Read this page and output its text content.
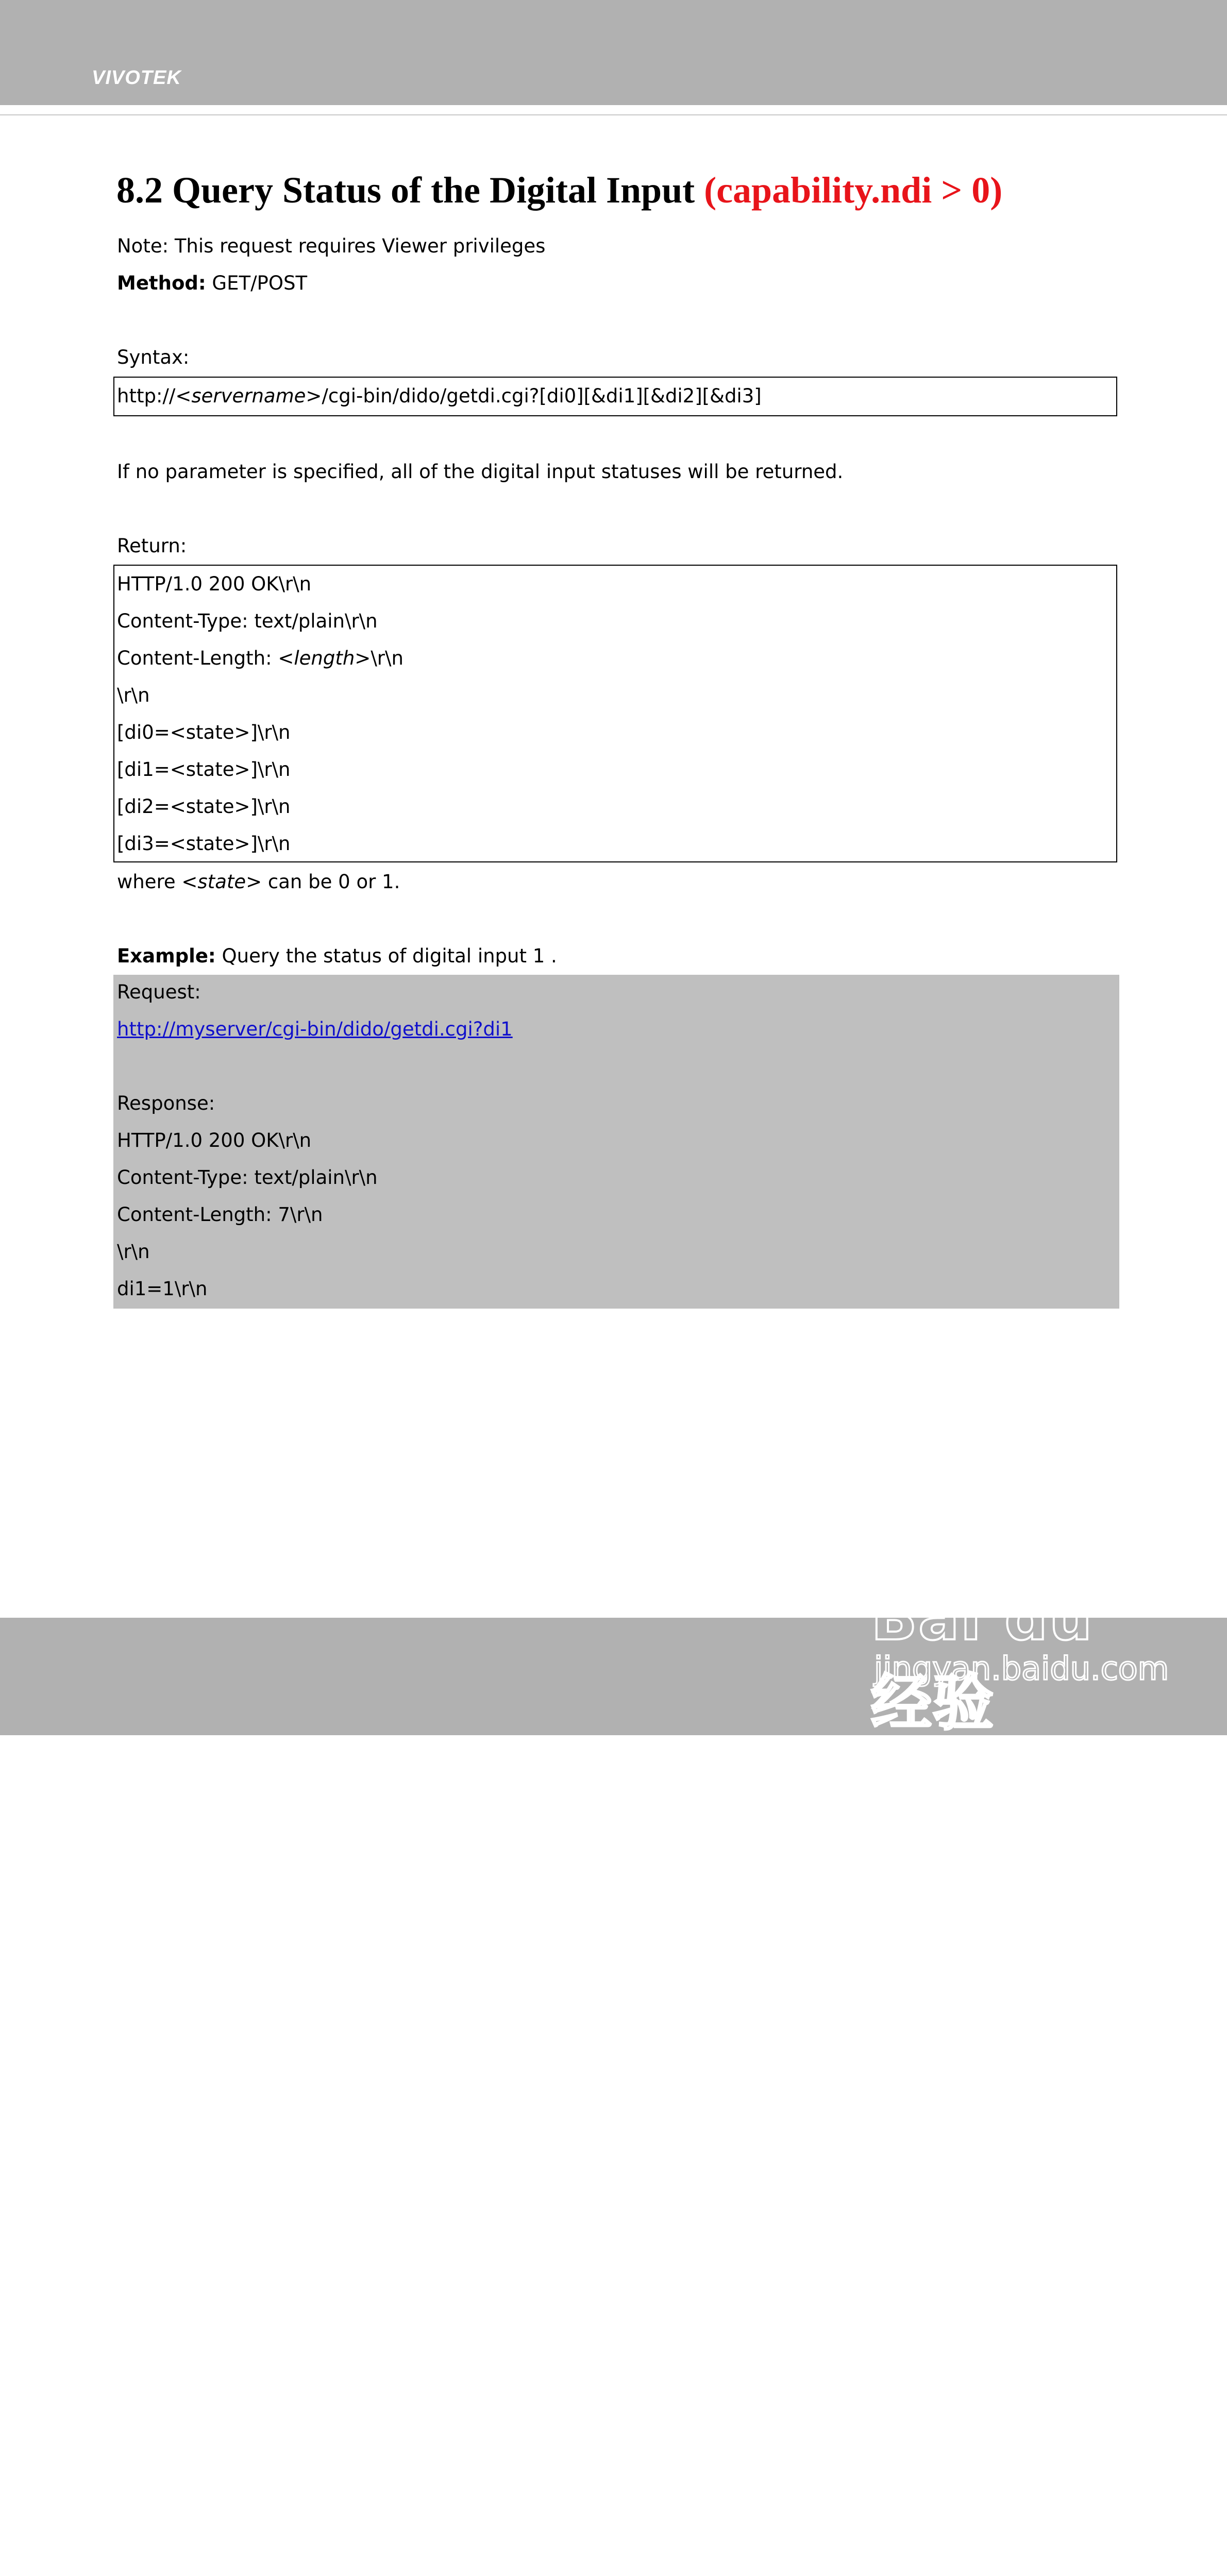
VIVOTEK
8.2 Query Status of the Digital Input (capability.ndi > 0)
Note: This request requires Viewer privileges
Method: GET/POST
Syntax:
http://<servername>/cgi-bin/dido/getdi.cgi?[di0][&di1][&di2][&di3]
If no parameter is specified, all of the digital input statuses will be returned.
Return:
HTTP/1.0 200 OK\r\n
Content-Type: text/plain\r\n
Content-Length: <length>\r\n
\r\n
[di0=<state>]\r\n
[di1=<state>]\r\n
[di2=<state>]\r\n
[di3=<state>]\r\n
where <state> can be 0 or 1.
Example: Query the status of digital input 1 .
Request:
http://myserver/cgi-bin/dido/getdi.cgi?di1
Response:
HTTP/1.0 200 OK\r\n
Content-Type: text/plain\r\n
Content-Length: 7\r\n
\r\n
di1=1\r\n
Bai du 经验
jingyan.baidu.com
